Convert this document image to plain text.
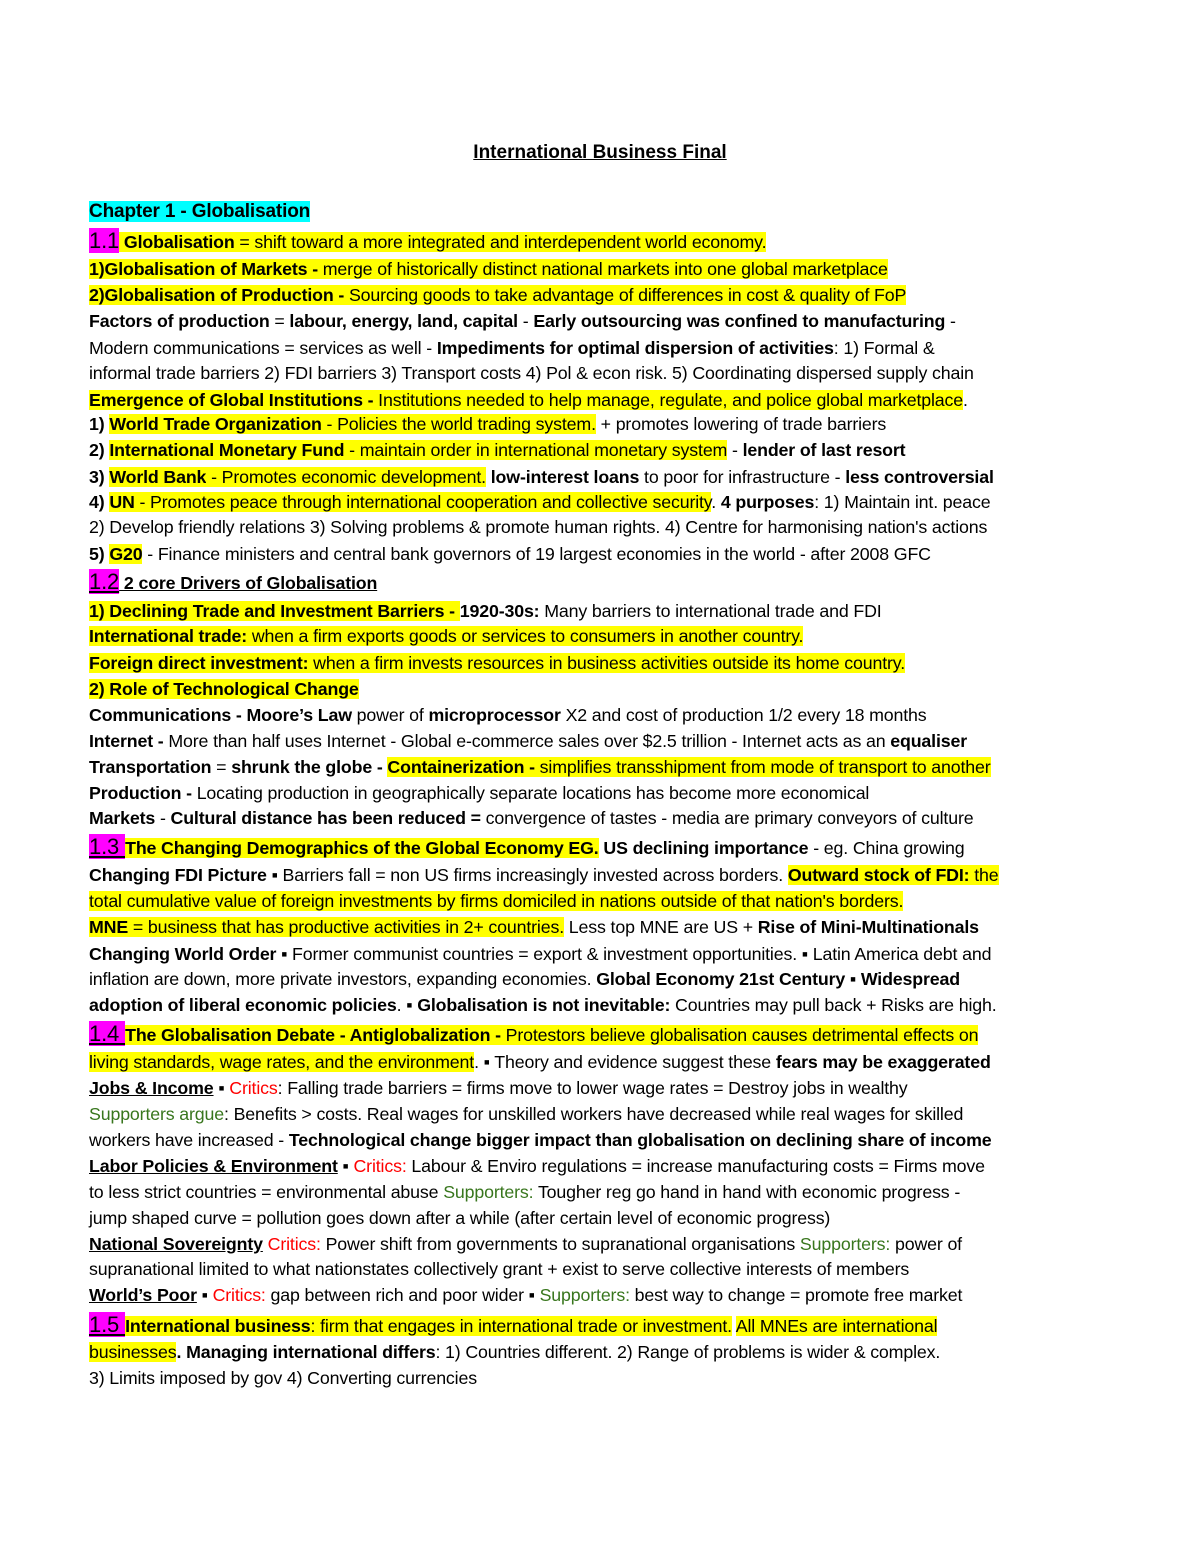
International Business Final
Chapter 1 - Globalisation
1.1 Globalisation = shift toward a more integrated and interdependent world economy.
1)Globalisation of Markets - merge of historically distinct national markets into one global marketplace
2)Globalisation of Production - Sourcing goods to take advantage of differences in cost & quality of FoP
Factors of production = labour, energy, land, capital - Early outsourcing was confined to manufacturing -
Modern communications = services as well - Impediments for optimal dispersion of activities: 1) Formal &
informal trade barriers 2) FDI barriers 3) Transport costs 4) Pol & econ risk. 5) Coordinating dispersed supply chain
Emergence of Global Institutions - Institutions needed to help manage, regulate, and police global marketplace.
1) World Trade Organization - Policies the world trading system. + promotes lowering of trade barriers
2) International Monetary Fund - maintain order in international monetary system - lender of last resort
3) World Bank - Promotes economic development. low-interest loans to poor for infrastructure - less controversial
4) UN - Promotes peace through international cooperation and collective security. 4 purposes: 1) Maintain int. peace
2) Develop friendly relations 3) Solving problems & promote human rights. 4) Centre for harmonising nation's actions
5) G20 - Finance ministers and central bank governors of 19 largest economies in the world - after 2008 GFC
1.2 2 core Drivers of Globalisation
1) Declining Trade and Investment Barriers - 1920-30s: Many barriers to international trade and FDI
International trade: when a firm exports goods or services to consumers in another country.
Foreign direct investment: when a firm invests resources in business activities outside its home country.
2) Role of Technological Change
Communications - Moore’s Law power of microprocessor X2 and cost of production 1/2 every 18 months
Internet - More than half uses Internet - Global e-commerce sales over $2.5 trillion - Internet acts as an equaliser
Transportation = shrunk the globe - Containerization - simplifies transshipment from mode of transport to another
Production - Locating production in geographically separate locations has become more economical
Markets - Cultural distance has been reduced = convergence of tastes - media are primary conveyors of culture
1.3 The Changing Demographics of the Global Economy EG. US declining importance - eg. China growing
Changing FDI Picture ▪ Barriers fall = non US firms increasingly invested across borders. Outward stock of FDI: the
total cumulative value of foreign investments by firms domiciled in nations outside of that nation's borders.
MNE = business that has productive activities in 2+ countries. Less top MNE are US + Rise of Mini-Multinationals
Changing World Order ▪ Former communist countries = export & investment opportunities. ▪ Latin America debt and
inflation are down, more private investors, expanding economies. Global Economy 21st Century ▪ Widespread
adoption of liberal economic policies. ▪ Globalisation is not inevitable: Countries may pull back + Risks are high.
1.4 The Globalisation Debate - Antiglobalization - Protestors believe globalisation causes detrimental effects on
living standards, wage rates, and the environment. ▪ Theory and evidence suggest these fears may be exaggerated
Jobs & Income ▪ Critics: Falling trade barriers = firms move to lower wage rates = Destroy jobs in wealthy
Supporters argue: Benefits > costs. Real wages for unskilled workers have decreased while real wages for skilled
workers have increased - Technological change bigger impact than globalisation on declining share of income
Labor Policies & Environment ▪ Critics: Labour & Enviro regulations = increase manufacturing costs = Firms move
to less strict countries = environmental abuse Supporters: Tougher reg go hand in hand with economic progress -
jump shaped curve = pollution goes down after a while (after certain level of economic progress)
National Sovereignty Critics: Power shift from governments to supranational organisations Supporters: power of
supranational limited to what nationstates collectively grant + exist to serve collective interests of members
World’s Poor ▪ Critics: gap between rich and poor wider ▪ Supporters: best way to change = promote free market
1.5 International business: firm that engages in international trade or investment. All MNEs are international
businesses. Managing international differs: 1) Countries different. 2) Range of problems is wider & complex.
3) Limits imposed by gov 4) Converting currencies
